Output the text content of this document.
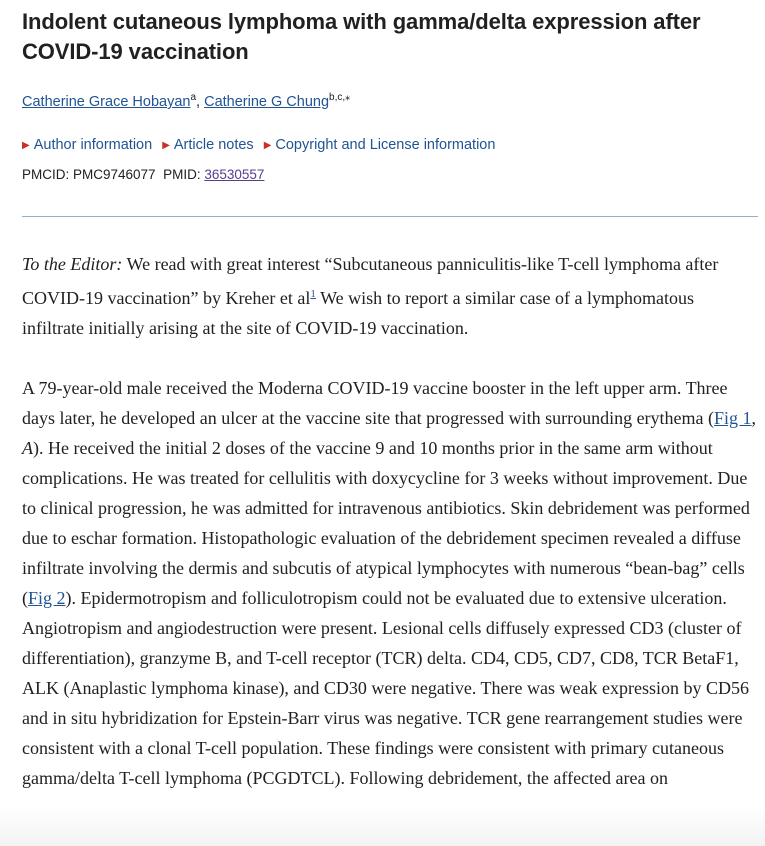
Indolent cutaneous lymphoma with gamma/delta expression after COVID-19 vaccination
Catherine Grace Hobayan$^a$, Catherine G Chung$^{b,c,⁎}$
▶ Author information ▶ Article notes ▶ Copyright and License information
PMCID: PMC9746077 PMID: 36530557

To the Editor: We read with great interest “Subcutaneous panniculitis-like T-cell lymphoma after COVID-19 vaccination” by Kreher et $al^1$ We wish to report a similar case of a lymphomatous infiltrate initially arising at the site of COVID-19 vaccination.

A 79-year-old male received the Moderna COVID-19 vaccine booster in the left upper arm. Three days later, he developed an ulcer at the vaccine site that progressed with surrounding erythema (Fig 1, A). He received the initial 2 doses of the vaccine 9 and 10 months prior in the same arm without complications. He was treated for cellulitis with doxycycline for 3 weeks without improvement. Due to clinical progression, he was admitted for intravenous antibiotics. Skin debridement was performed due to eschar formation. Histopathologic evaluation of the debridement specimen revealed a diffuse infiltrate involving the dermis and subcutis of atypical lymphocytes with numerous “bean-bag” cells (Fig 2). Epidermotropism and folliculotropism could not be evaluated due to extensive ulceration. Angiotropism and angiodestruction were present. Lesional cells diffusely expressed CD3 (cluster of differentiation), granzyme B, and T-cell receptor (TCR) delta. CD4, CD5, CD7, CD8, TCR BetaF1, ALK (Anaplastic lymphoma kinase), and CD30 were negative. There was weak expression by CD56 and in situ hybridization for Epstein-Barr virus was negative. TCR gene rearrangement studies were consistent with a clonal T-cell population. These findings were consistent with primary cutaneous gamma/delta T-cell lymphoma (PCGDTCL). Following debridement, the affected area on
